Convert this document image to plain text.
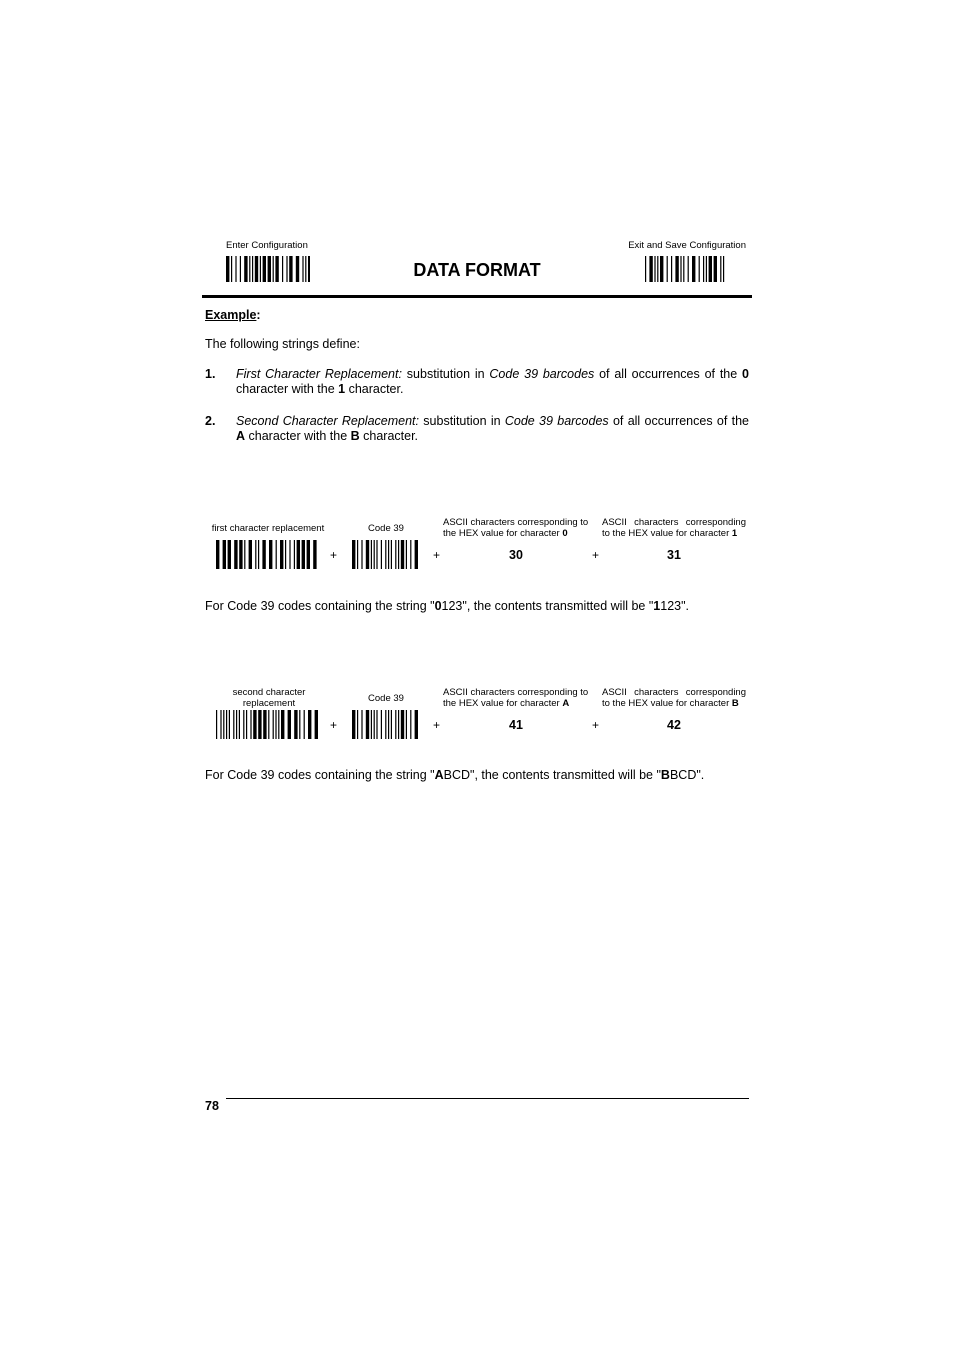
Enter Configuration
DATA FORMAT
Exit and Save Configuration
Example:
The following strings define:
1. First Character Replacement: substitution in Code 39 barcodes of all occurrences of the 0 character with the 1 character.
2. Second Character Replacement: substitution in Code 39 barcodes of all occurrences of the A character with the B character.
first character replacement
+
Code 39
+
ASCII characters corresponding to the HEX value for character 0
30	+
ASCII characters corresponding to the HEX value for character 1
31
For Code 39 codes containing the string "0123", the contents transmitted will be "1123".
second character replacement
+
Code 39
+
ASCII characters corresponding to the HEX value for character A
41	+
ASCII characters corresponding to the HEX value for character B
42
For Code 39 codes containing the string "ABCD", the contents transmitted will be "BBCD".
78
